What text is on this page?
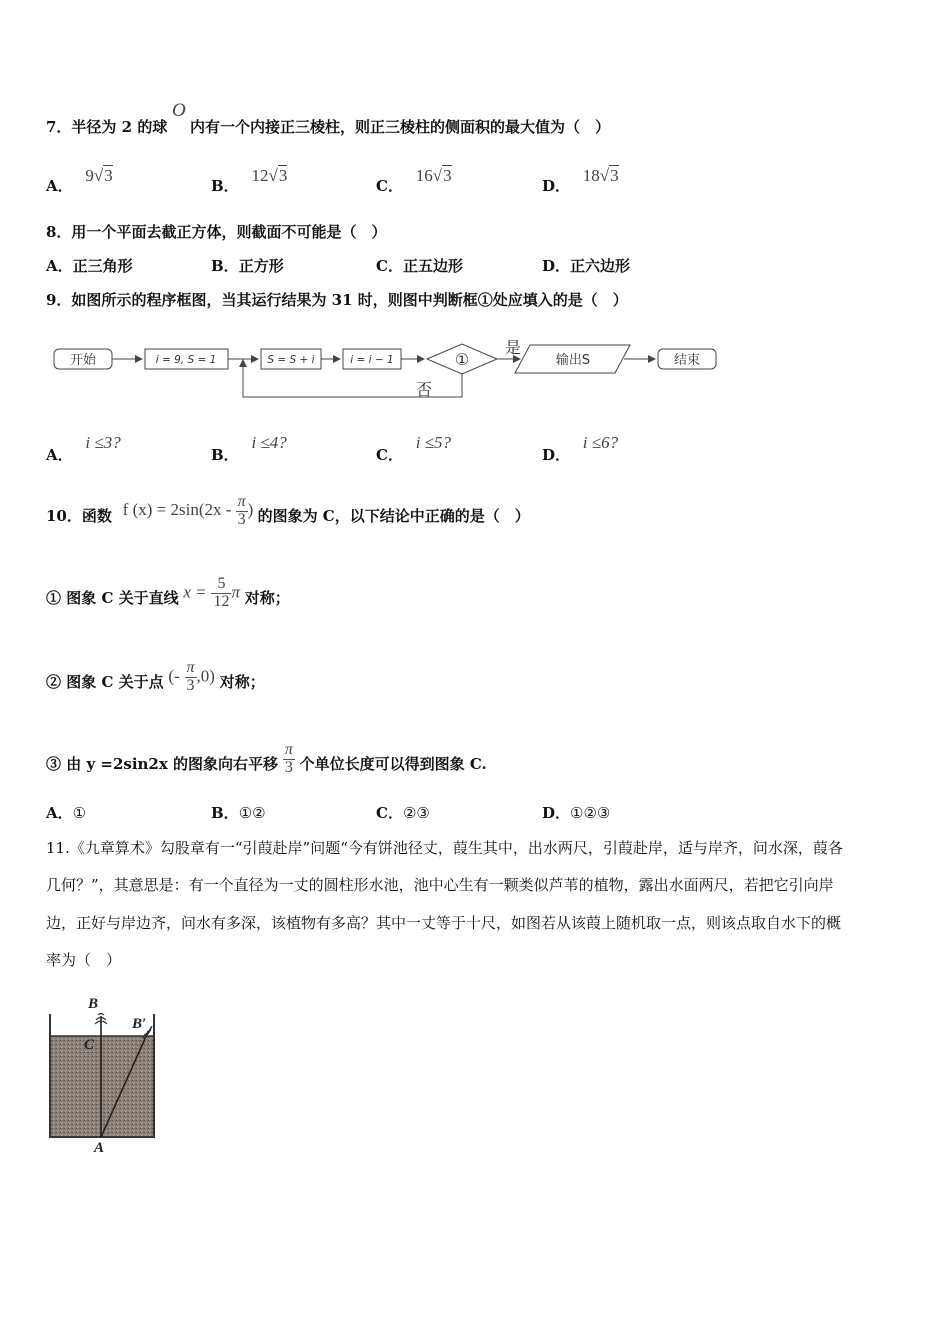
7．半径为 2 的球
O
内有一个内接正三棱柱，则正三棱柱的侧面积的最大值为（　）
A． 9√3
B． 12√3
C． 16√3
D． 18√3
8．用一个平面去截正方体，则截面不可能是（　）
A．正三角形	B．正方形	C．正五边形	D．正六边形
9．如图所示的程序框图，当其运行结果为 31 时，则图中判断框①处应填入的是（　）
开始	i = 9, S = 1	S = S + i	i = i − 1	①
是
输出S	结束
否
A． i ≤3?
B． i ≤4?
C． i ≤5?
D． i ≤6?
10．函数 f $(x) = 2\sin(2x - \frac{\pi}{3}$ ) 的图象为 C，以下结论中正确的是（　）
① 图象 C 关于直线 $x = \frac{5}{12}$ π 对称；
② 图象 C 关于点 (- $\frac{\pi}{3} ,0$) 对称；
③ 由 y =2sin2x 的图象向右平移 $\frac{\pi}{3}$ 个单位长度可以得到图象 C.
A．①	B．①②	C．②③	D．①②③
11.《九章算术》勾股章有一“引葭赴岸”问题“今有饼池径丈，葭生其中，出水两尺，引葭赴岸，适与岸齐，问水深，葭各
几何？”，其意思是：有一个直径为一丈的圆柱形水池，池中心生有一颗类似芦苇的植物，露出水面两尺，若把它引向岸
边，正好与岸边齐，问水有多深，该植物有多高？其中一丈等于十尺，如图若从该葭上随机取一点，则该点取自水下的概
率为（　）
B
B′
C
A
